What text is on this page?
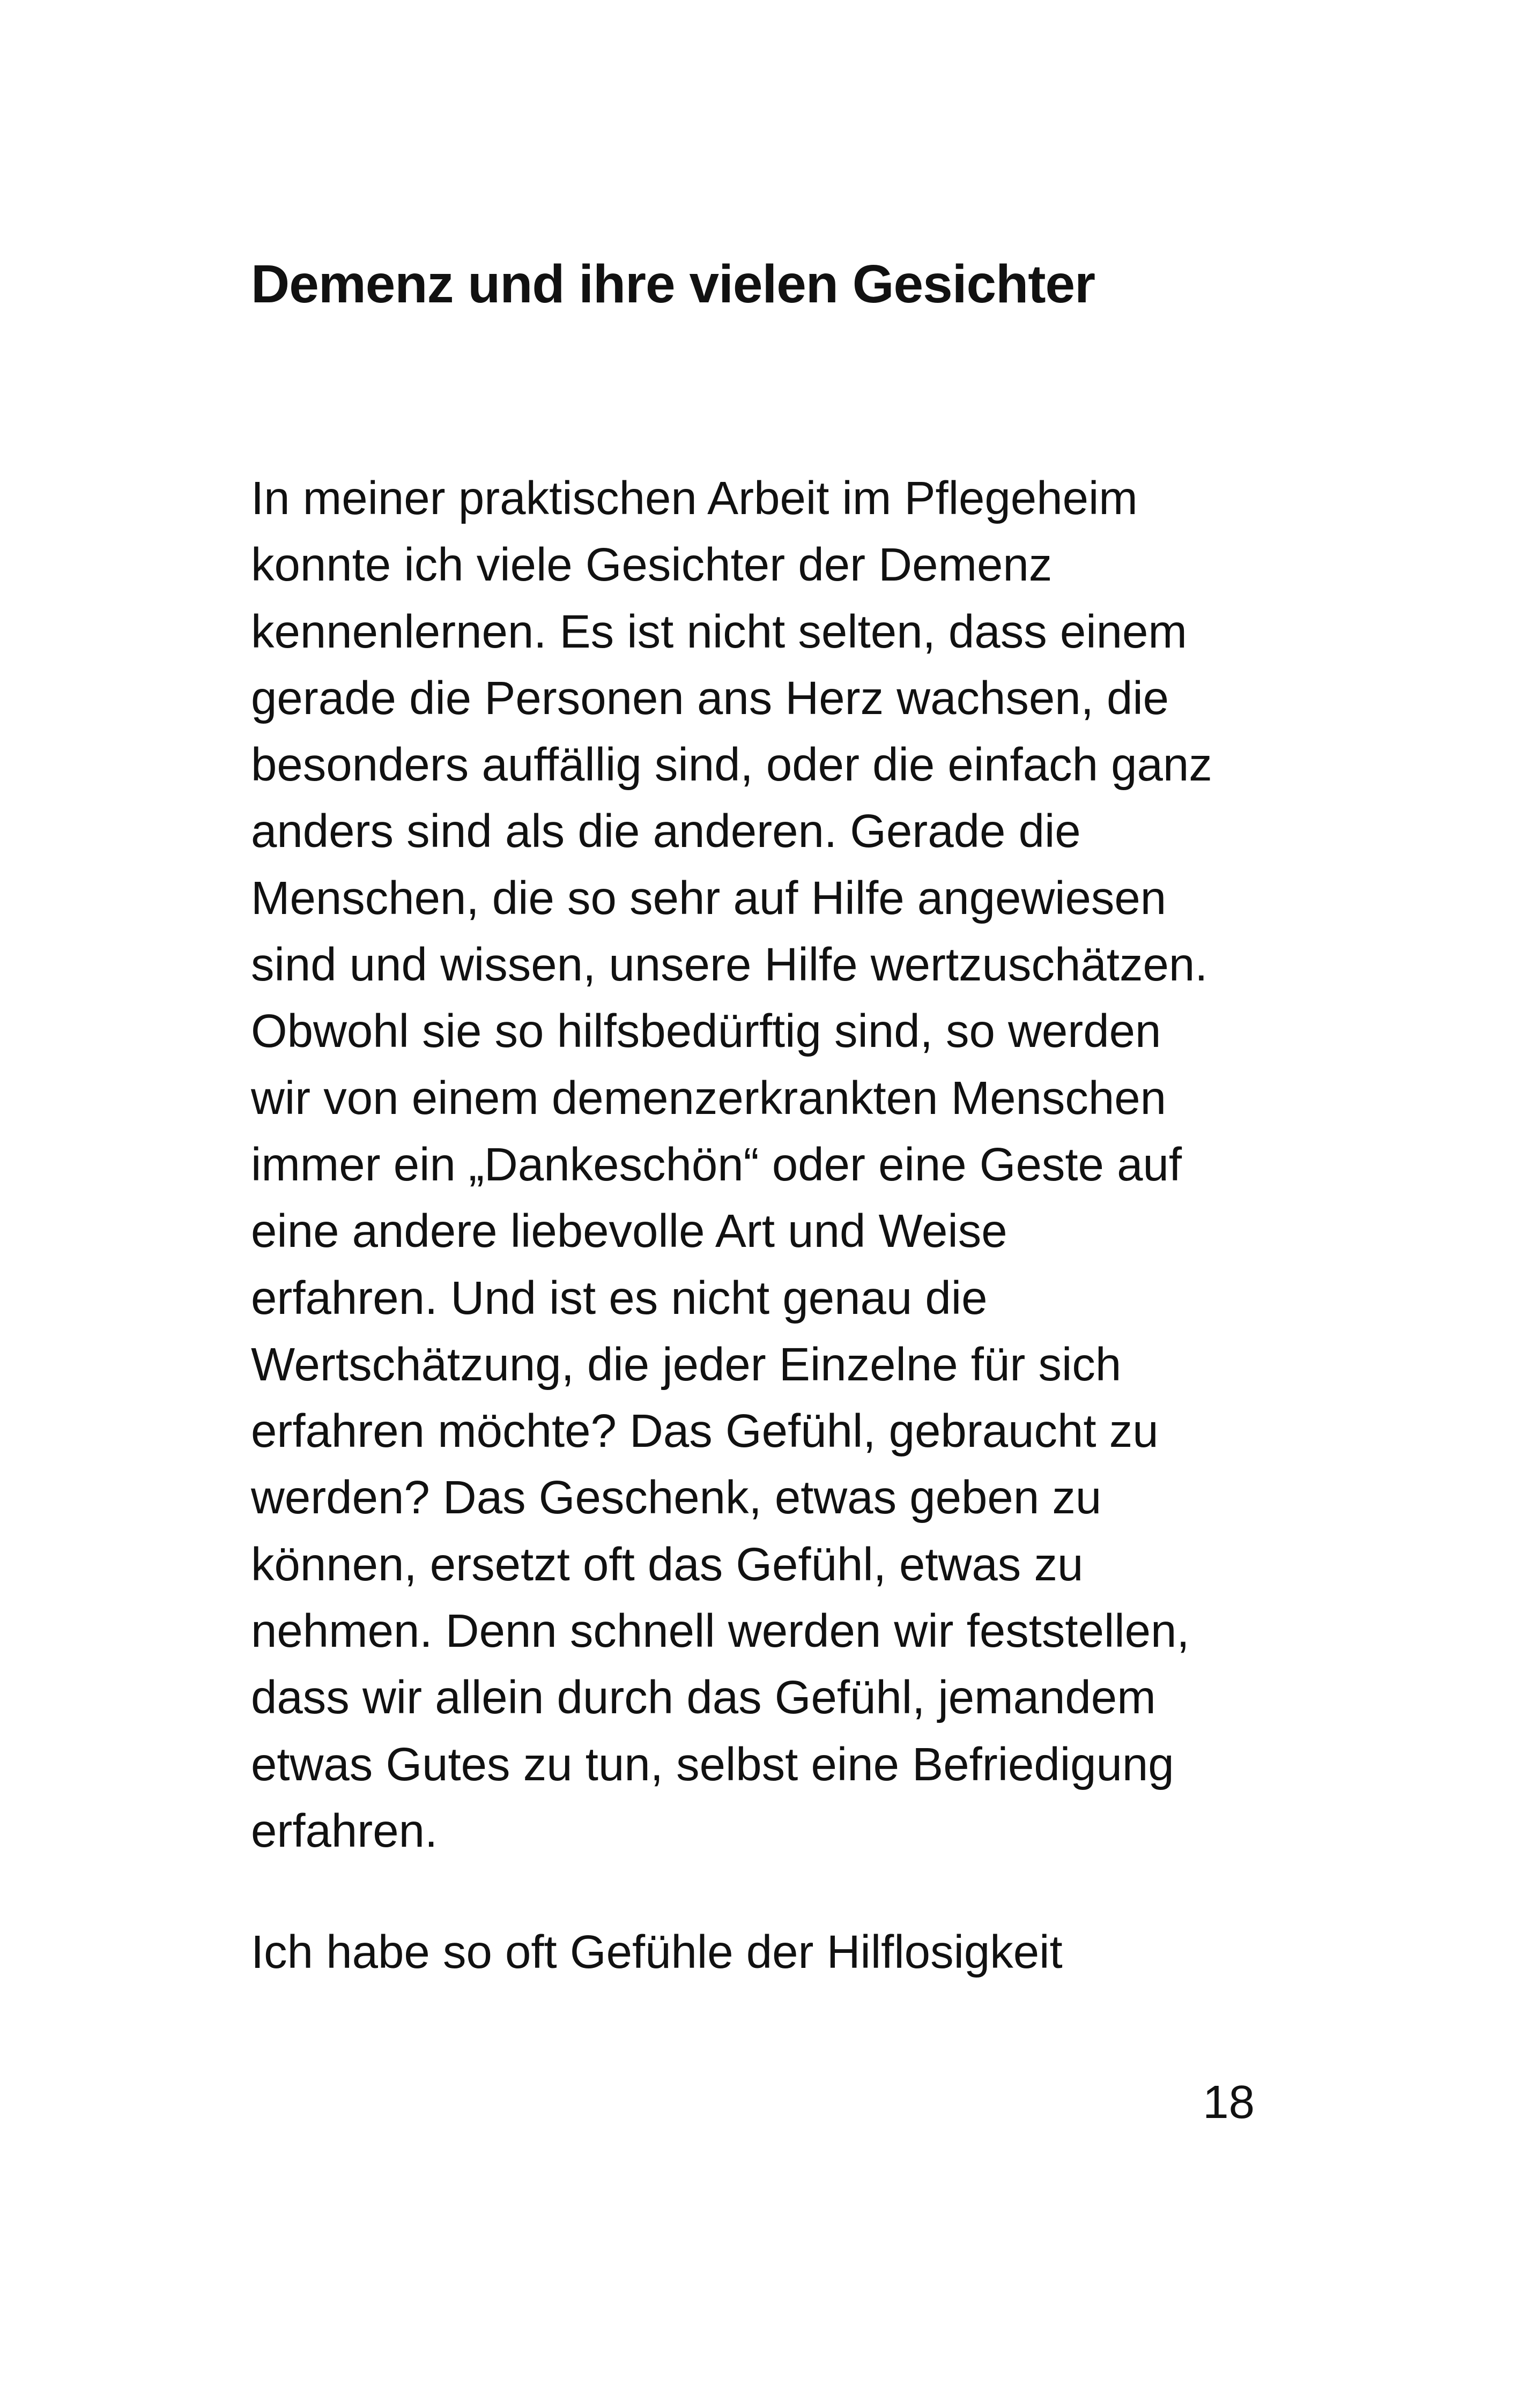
Demenz und ihre vielen Gesichter

In meiner praktischen Arbeit im Pflegeheim
konnte ich viele Gesichter der Demenz
kennenlernen. Es ist nicht selten, dass einem
gerade die Personen ans Herz wachsen, die
besonders auffällig sind, oder die einfach ganz
anders sind als die anderen. Gerade die
Menschen, die so sehr auf Hilfe angewiesen
sind und wissen, unsere Hilfe wertzuschätzen.
Obwohl sie so hilfsbedürftig sind, so werden
wir von einem demenzerkrankten Menschen
immer ein „Dankeschön“ oder eine Geste auf
eine andere liebevolle Art und Weise
erfahren. Und ist es nicht genau die
Wertschätzung, die jeder Einzelne für sich
erfahren möchte? Das Gefühl, gebraucht zu
werden? Das Geschenk, etwas geben zu
können, ersetzt oft das Gefühl, etwas zu
nehmen. Denn schnell werden wir feststellen,
dass wir allein durch das Gefühl, jemandem
etwas Gutes zu tun, selbst eine Befriedigung
erfahren.

Ich habe so oft Gefühle der Hilflosigkeit

18
